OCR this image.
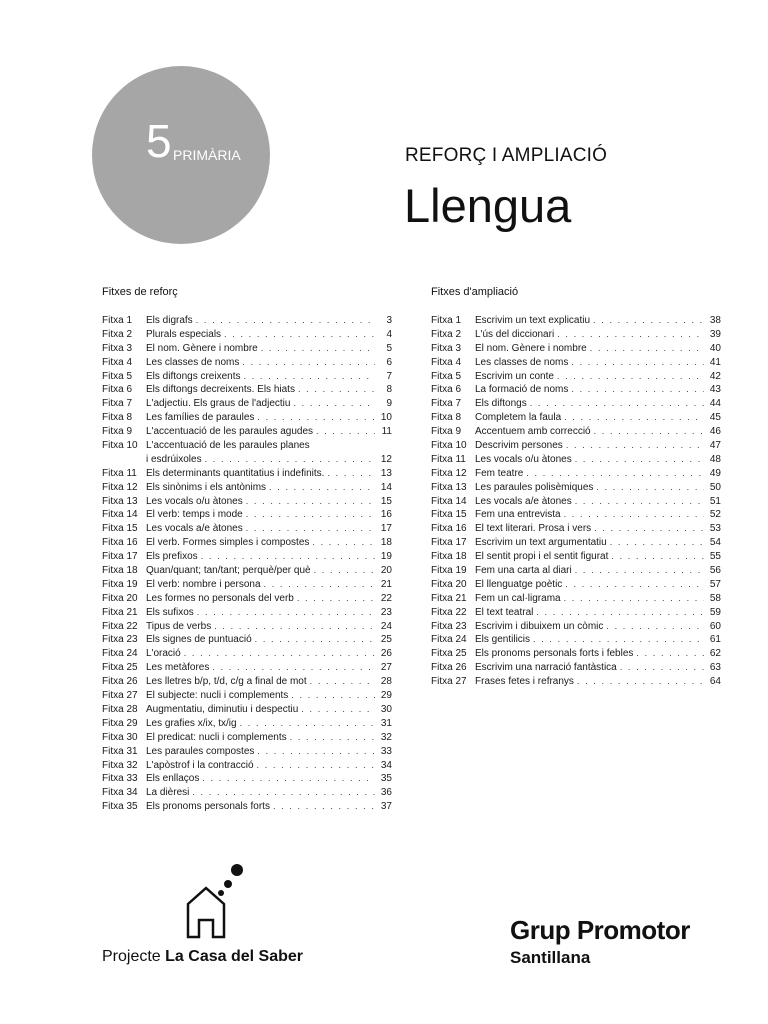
5 PRIMÀRIA	REFORÇ I AMPLIACIÓ
Llengua
Fitxes de reforç
Fitxa 1	Els digrafs . . .	3
Fitxa 2	Plurals especials . . .	4
Fitxa 3	El nom. Gènere i nombre . . .	5
Fitxa 4	Les classes de noms . . .	6
Fitxa 5	Els diftongs creixents . . .	7
Fitxa 6	Els diftongs decreixents. Els hiats . . .	8
Fitxa 7	L'adjectiu. Els graus de l'adjectiu . . .	9
Fitxa 8	Les famílies de paraules . . .	10
Fitxa 9	L'accentuació de les paraules agudes . . .	11
Fitxa 10 L'accentuació de les paraules planes
i esdrúixoles . . .	12
Fitxa 11 Els determinants quantitatius i indefinits. . . .	13
Fitxa 12 Els sinònims i els antònims . . .	14
Fitxa 13 Les vocals o/u àtones . . .	15
Fitxa 14 El verb: temps i mode . . .	16
Fitxa 15 Les vocals a/e àtones . . .	17
Fitxa 16 El verb. Formes simples i compostes . . .	18
Fitxa 17 Els prefixos . . .	19
Fitxa 18 Quan/quant; tan/tant; perquè/per què . . .	20
Fitxa 19 El verb: nombre i persona . . .	21
Fitxa 20 Les formes no personals del verb . . .	22
Fitxa 21 Els sufixos . . .	23
Fitxa 22 Tipus de verbs . . .	24
Fitxa 23 Els signes de puntuació . . .	25
Fitxa 24 L'oració . . .	26
Fitxa 25 Les metàfores . . .	27
Fitxa 26 Les lletres b/p, t/d, c/g a final de mot . . .	28
Fitxa 27 El subjecte: nucli i complements . . .	29
Fitxa 28 Augmentatiu, diminutiu i despectiu . . .	30
Fitxa 29 Les grafies x/ix, tx/ig . . .	31
Fitxa 30 El predicat: nucli i complements . . .	32
Fitxa 31 Les paraules compostes . . .	33
Fitxa 32 L'apòstrof i la contracció . . .	34
Fitxa 33 Els enllaços . . .	35
Fitxa 34 La dièresi . . .	36
Fitxa 35 Els pronoms personals forts . . .	37
Fitxes d'ampliació
Fitxa 1	Escrivim un text explicatiu . . .	38
Fitxa 2	L'ús del diccionari . . .	39
Fitxa 3	El nom. Gènere i nombre . . .	40
Fitxa 4	Les classes de noms . . .	41
Fitxa 5	Escrivim un conte . . .	42
Fitxa 6	La formació de noms . . .	43
Fitxa 7	Els diftongs . . .	44
Fitxa 8	Completem la faula . . .	45
Fitxa 9	Accentuem amb correcció . . .	46
Fitxa 10 Descrivim persones . . .	47
Fitxa 11 Les vocals o/u àtones . . .	48
Fitxa 12 Fem teatre . . .	49
Fitxa 13 Les paraules polisèmiques . . .	50
Fitxa 14 Les vocals a/e àtones . . .	51
Fitxa 15 Fem una entrevista . . .	52
Fitxa 16 El text literari. Prosa i vers . . .	53
Fitxa 17 Escrivim un text argumentatiu . . .	54
Fitxa 18 El sentit propi i el sentit figurat . . .	55
Fitxa 19 Fem una carta al diari . . .	56
Fitxa 20 El llenguatge poètic . . .	57
Fitxa 21 Fem un cal·ligrama . . .	58
Fitxa 22 El text teatral . . .	59
Fitxa 23 Escrivim i dibuixem un còmic . . .	60
Fitxa 24 Els gentilicis . . .	61
Fitxa 25 Els pronoms personals forts i febles . . .	62
Fitxa 26 Escrivim una narració fantàstica . . .	63
Fitxa 27 Frases fetes i refranys . . .	64
Projecte La Casa del Saber
Grup Promotor
Santillana
